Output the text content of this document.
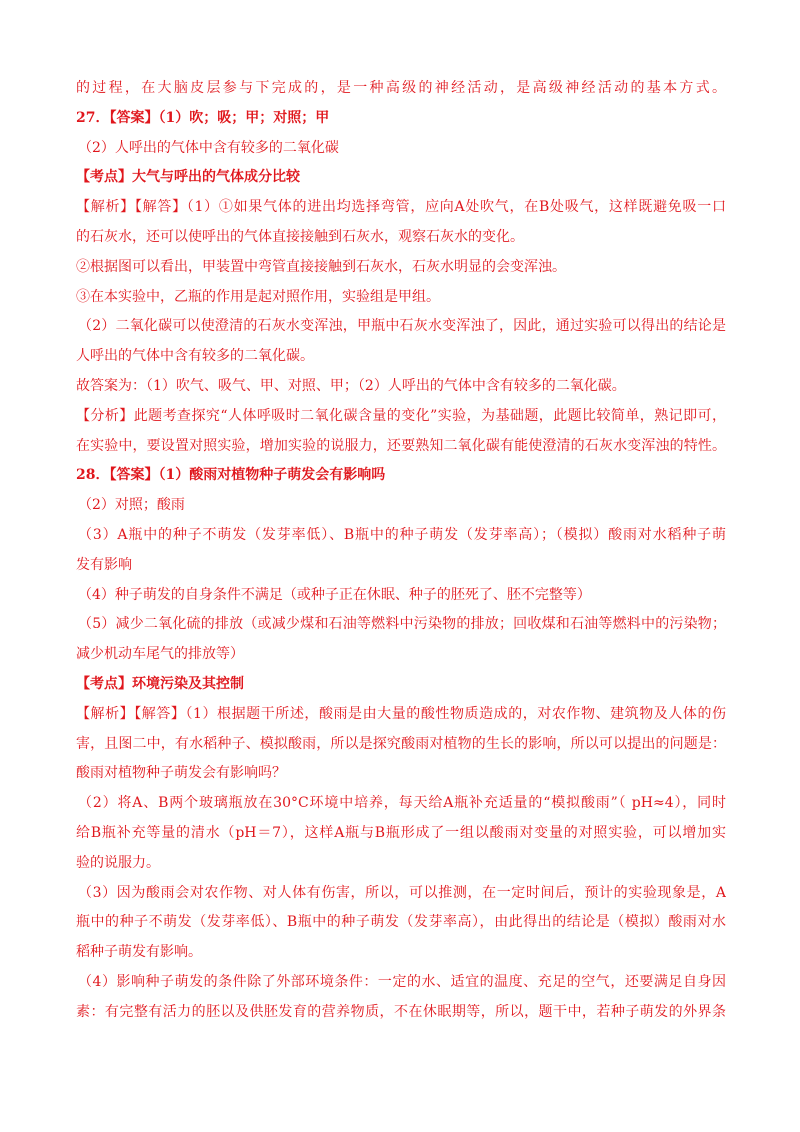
的过程，在大脑皮层参与下完成的，是一种高级的神经活动，是高级神经活动的基本方式。
27．【答案】（1）吹；吸；甲；对照；甲
（2）人呼出的气体中含有较多的二氧化碳
【考点】大气与呼出的气体成分比较
【解析】【解答】（1）①如果气体的进出均选择弯管，应向A处吹气，在B处吸气，这样既避免吸一口
的石灰水，还可以使呼出的气体直接接触到石灰水，观察石灰水的变化。
②根据图可以看出，甲装置中弯管直接接触到石灰水，石灰水明显的会变浑浊。
③在本实验中，乙瓶的作用是起对照作用，实验组是甲组。
（2）二氧化碳可以使澄清的石灰水变浑浊，甲瓶中石灰水变浑浊了，因此，通过实验可以得出的结论是
人呼出的气体中含有较多的二氧化碳。
故答案为：（1）吹气、吸气、甲、对照、甲；（2）人呼出的气体中含有较多的二氧化碳。
【分析】此题考查探究“人体呼吸时二氧化碳含量的变化”实验，为基础题，此题比较简单，熟记即可，
在实验中，要设置对照实验，增加实验的说服力，还要熟知二氧化碳有能使澄清的石灰水变浑浊的特性。
28．【答案】（1）酸雨对植物种子萌发会有影响吗
（2）对照；酸雨
（3）A瓶中的种子不萌发（发芽率低）、B瓶中的种子萌发（发芽率高）；（模拟）酸雨对水稻种子萌
发有影响
（4）种子萌发的自身条件不满足（或种子正在休眠、种子的胚死了、胚不完整等）
（5）减少二氧化硫的排放（或减少煤和石油等燃料中污染物的排放；回收煤和石油等燃料中的污染物；
减少机动车尾气的排放等）
【考点】环境污染及其控制
【解析】【解答】（1）根据题干所述，酸雨是由大量的酸性物质造成的，对农作物、建筑物及人体的伤
害，且图二中，有水稻种子、模拟酸雨，所以是探究酸雨对植物的生长的影响，所以可以提出的问题是：
酸雨对植物种子萌发会有影响吗？
（2）将A、B两个玻璃瓶放在30°C环境中培养，每天给A瓶补充适量的“模拟酸雨”（ pH≈4），同时
给B瓶补充等量的清水（pH＝7），这样A瓶与B瓶形成了一组以酸雨对变量的对照实验，可以增加实
验的说服力。
（3）因为酸雨会对农作物、对人体有伤害，所以，可以推测，在一定时间后，预计的实验现象是，A
瓶中的种子不萌发（发芽率低）、B瓶中的种子萌发（发芽率高），由此得出的结论是（模拟）酸雨对水
稻种子萌发有影响。
（4）影响种子萌发的条件除了外部环境条件：一定的水、适宜的温度、充足的空气，还要满足自身因
素：有完整有活力的胚以及供胚发育的营养物质，不在休眠期等，所以，题干中，若种子萌发的外界条
